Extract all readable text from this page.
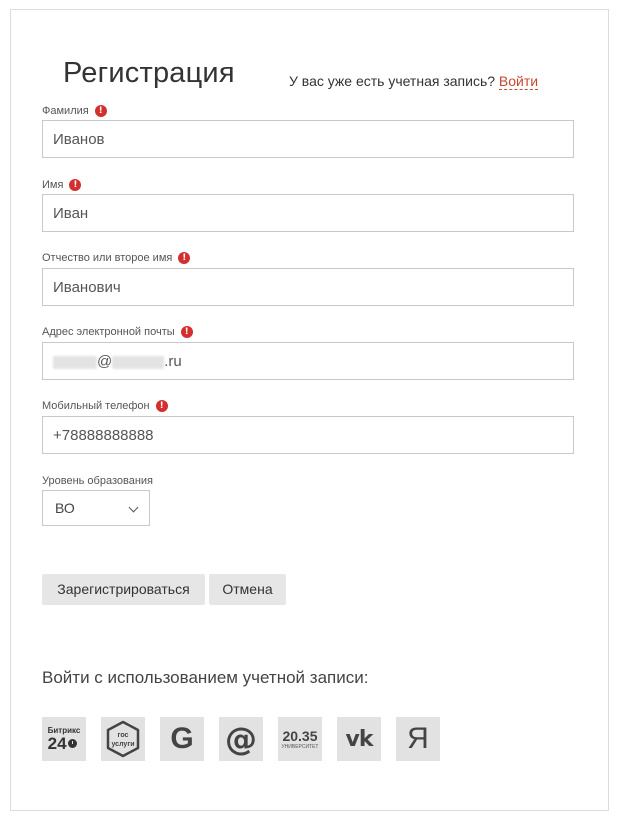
Регистрация	У вас уже есть учетная запись? Войти
Фамилия	!
Иванов
Имя	!
Иван
Отчество или второе имя	!
Иванович
Адрес электронной почты	!
@	.ru
Мобильный телефон	!
+78888888888
Уровень образования
ВО
Зарегистрироваться	Отмена
Войти с использованием учетной записи:
Битрикс
24	гос
услуги G @ 20.35
УНИВЕРСИТЕТ vk Я
